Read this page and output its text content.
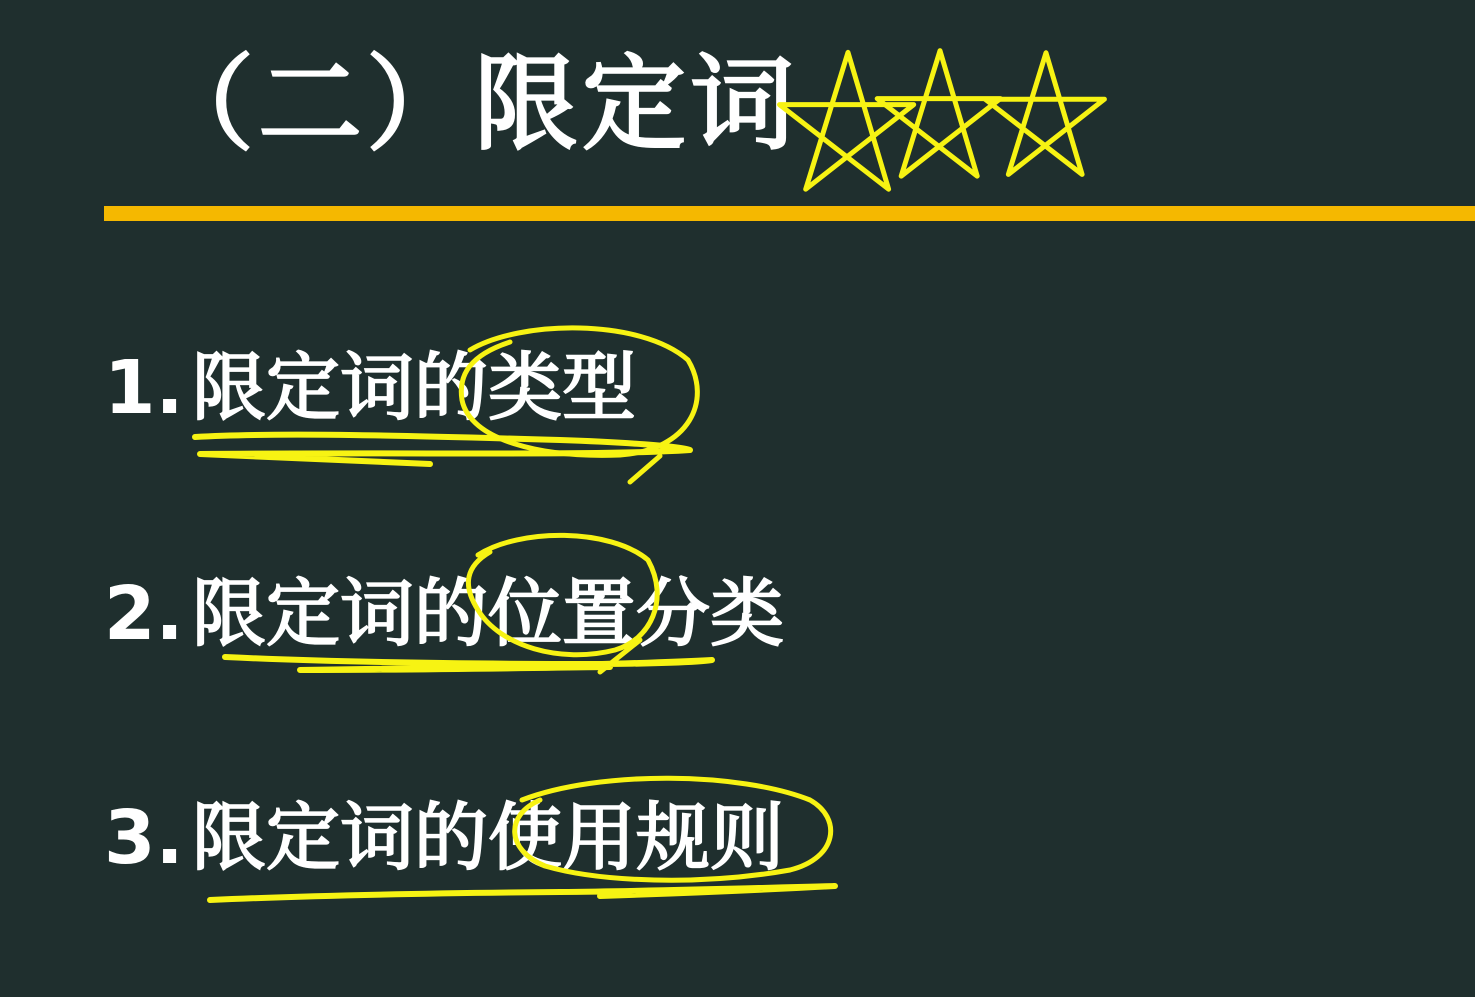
（二）限定词
1. 限定词的类型
2. 限定词的位置分类
3. 限定词的使用规则
